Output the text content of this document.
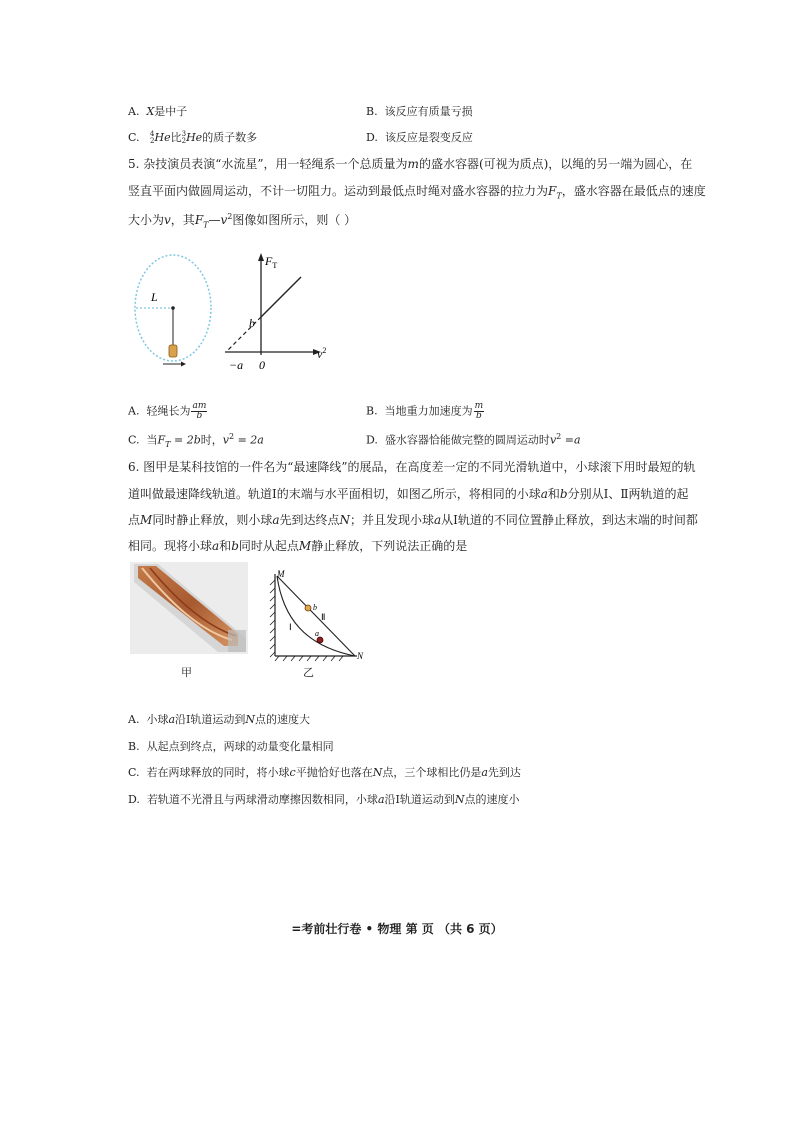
A. X是中子	B. 该反应有质量亏损
C. 4
2 He比 3
2 He的质子数多	D. 该反应是裂变反应
5. 杂技演员表演“水流星”，用一轻绳系一个总质量为m的盛水容器(可视为质点)，以绳的另一端为圆心，在
竖直平面内做圆周运动，不计一切阻力。运动到最低点时绳对盛水容器的拉力为$F_T$，盛水容器在最低点的速度
大小为v，其$F_T—v^2$图像如图所示，则（ ）
L
$F_T$
b
−a 0
$v^2$
A. 轻绳长为 $\frac{am}{b}$	B. 当地重力加速度为 $\frac{m}{b}$
C. 当$F_T = 2b$时，$v^2 = 2a$	D. 盛水容器恰能做完整的圆周运动时$v^2 =a$
6. 图甲是某科技馆的一件名为“最速降线”的展品，在高度差一定的不同光滑轨道中，小球滚下用时最短的轨
道叫做最速降线轨道。轨道Ⅰ的末端与水平面相切，如图乙所示，将相同的小球a和b分别从Ⅰ、Ⅱ两轨道的起
点M同时静止释放，则小球a先到达终点N；并且发现小球a从Ⅰ轨道的不同位置静止释放，到达末端的时间都
相同。现将小球a和b同时从起点M静止释放，下列说法正确的是
甲
M
N
Ⅰ
Ⅱ
b
a
乙
A. 小球a沿Ⅰ轨道运动到N点的速度大
B. 从起点到终点，两球的动量变化量相同
C. 若在两球释放的同时，将小球c平抛恰好也落在N点，三个球相比仍是a先到达
D. 若轨道不光滑且与两球滑动摩擦因数相同，小球a沿Ⅰ轨道运动到N点的速度小
=考前壮行卷 • 物理 第 页 （共 6 页）
